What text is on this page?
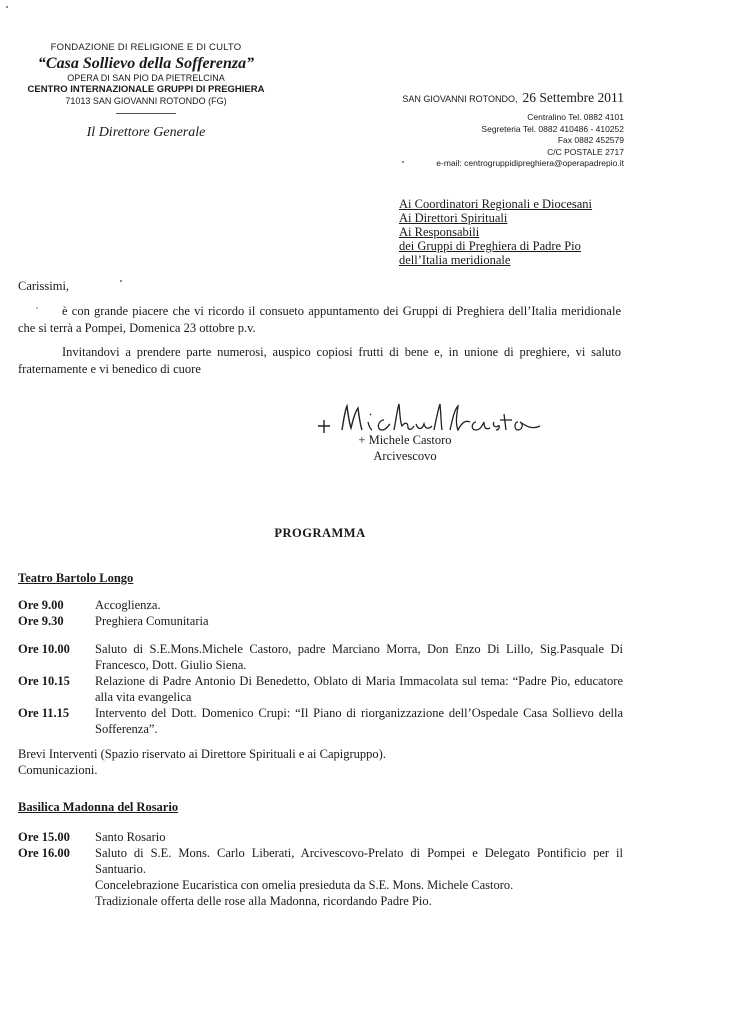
FONDAZIONE DI RELIGIONE E DI CULTO
“Casa Sollievo della Sofferenza”
OPERA DI SAN PIO DA PIETRELCINA
CENTRO INTERNAZIONALE GRUPPI DI PREGHIERA
71013 SAN GIOVANNI ROTONDO (FG)
Il Direttore Generale
SAN GIOVANNI ROTONDO, 26 Settembre 2011
Centralino Tel. 0882 4101
Segreteria Tel. 0882 410486 - 410252
Fax 0882 452579
C/C POSTALE 2717
e-mail: centrogruppidipreghiera@operapadrepio.it
Ai Coordinatori Regionali e Diocesani
Ai Direttori Spirituali
Ai Responsabili
dei Gruppi di Preghiera di Padre Pio
dell’Italia meridionale
Carissimi,

è con grande piacere che vi ricordo il consueto appuntamento dei Gruppi di Preghiera dell’Italia meridionale che si terrà a Pompei, Domenica 23 ottobre p.v.

Invitandovi a prendere parte numerosi, auspico copiosi frutti di bene e, in unione di preghiere, vi saluto fraternamente e vi benedico di cuore

+ Michele Castoro
Arcivescovo
PROGRAMMA
Teatro Bartolo Longo
Ore 9.00	Accoglienza.
Ore 9.30	Preghiera Comunitaria
Ore 10.00	Saluto di S.E.Mons.Michele Castoro, padre Marciano Morra, Don Enzo Di Lillo, Sig.Pasquale Di Francesco, Dott. Giulio Siena.
Ore 10.15	Relazione di Padre Antonio Di Benedetto, Oblato di Maria Immacolata sul tema: “Padre Pio, educatore alla vita evangelica
Ore 11.15	Intervento del Dott. Domenico Crupi: “Il Piano di riorganizzazione dell’Ospedale Casa Sollievo della Sofferenza”.
Brevi Interventi (Spazio riservato ai Direttore Spirituali e ai Capigruppo).
Comunicazioni.
Basilica Madonna del Rosario
Ore 15.00	Santo Rosario
Ore 16.00	Saluto di S.E. Mons. Carlo Liberati, Arcivescovo-Prelato di Pompei e Delegato Pontificio per il Santuario.
Concelebrazione Eucaristica con omelia presieduta da S.E. Mons. Michele Castoro.
Tradizionale offerta delle rose alla Madonna, ricordando Padre Pio.
